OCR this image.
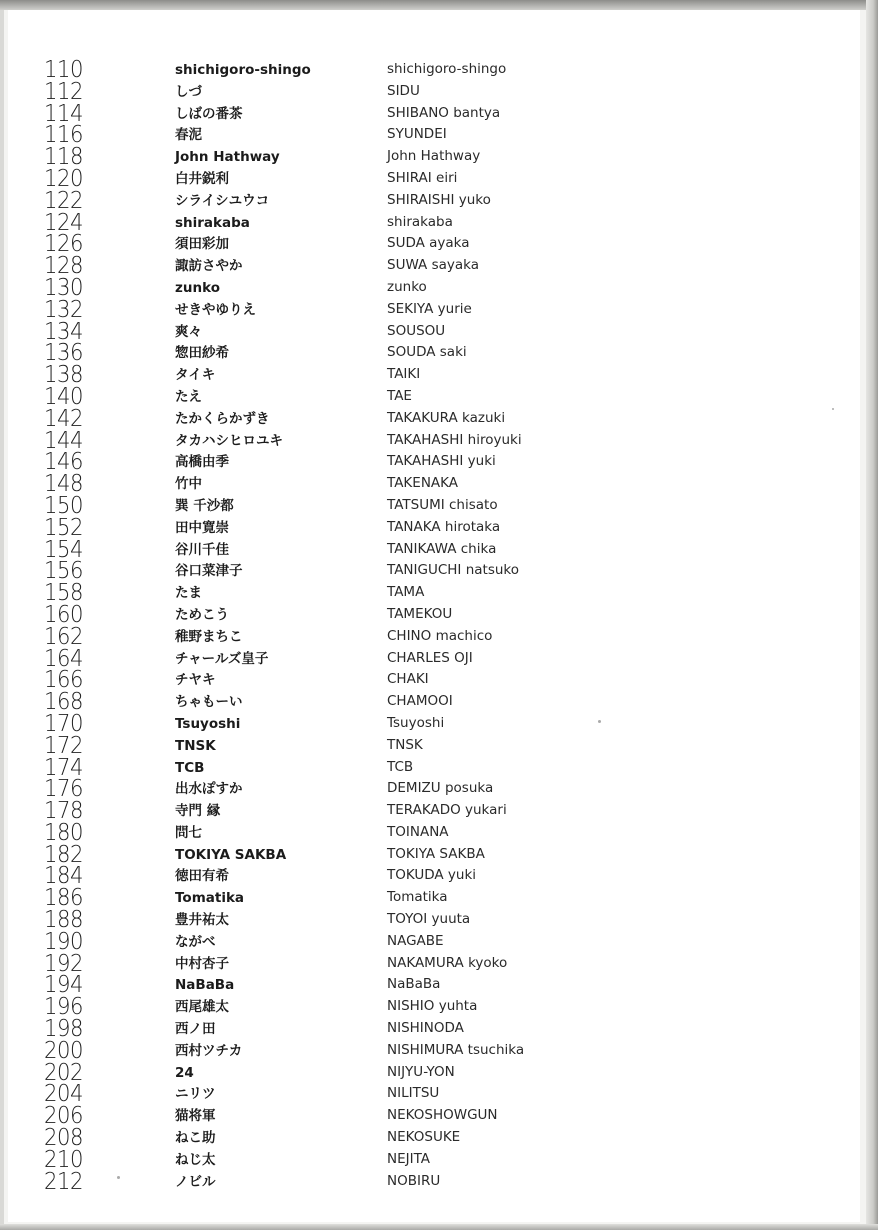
110	shichigoro-shingo	shichigoro-shingo
112	しづ	SIDU
114	しばの番茶	SHIBANO bantya
116	春泥	SYUNDEI
118	John Hathway	John Hathway
120	白井鋭利	SHIRAI eiri
122	シライシユウコ	SHIRAISHI yuko
124	shirakaba	shirakaba
126	須田彩加	SUDA ayaka
128	諏訪さやか	SUWA sayaka
130	zunko	zunko
132	せきやゆりえ	SEKIYA yurie
134	爽々	SOUSOU
136	惣田紗希	SOUDA saki
138	タイキ	TAIKI
140	たえ	TAE
142	たかくらかずき	TAKAKURA kazuki
144	タカハシヒロユキ	TAKAHASHI hiroyuki
146	高橋由季	TAKAHASHI yuki
148	竹中	TAKENAKA
150	巽 千沙都	TATSUMI chisato
152	田中寛崇	TANAKA hirotaka
154	谷川千佳	TANIKAWA chika
156	谷口菜津子	TANIGUCHI natsuko
158	たま	TAMA
160	ためこう	TAMEKOU
162	稚野まちこ	CHINO machico
164	チャールズ皇子	CHARLES OJI
166	チヤキ	CHAKI
168	ちゃもーい	CHAMOOI
170	Tsuyoshi	Tsuyoshi
172	TNSK	TNSK
174	TCB	TCB
176	出水ぽすか	DEMIZU posuka
178	寺門 縁	TERAKADO yukari
180	問七	TOINANA
182	TOKIYA SAKBA	TOKIYA SAKBA
184	徳田有希	TOKUDA yuki
186	Tomatika	Tomatika
188	豊井祐太	TOYOI yuuta
190	ながべ	NAGABE
192	中村杏子	NAKAMURA kyoko
194	NaBaBa	NaBaBa
196	西尾雄太	NISHIO yuhta
198	西ノ田	NISHINODA
200	西村ツチカ	NISHIMURA tsuchika
202	24	NIJYU-YON
204	ニリツ	NILITSU
206	猫将軍	NEKOSHOWGUN
208	ねこ助	NEKOSUKE
210	ねじ太	NEJITA
212	ノビル	NOBIRU
